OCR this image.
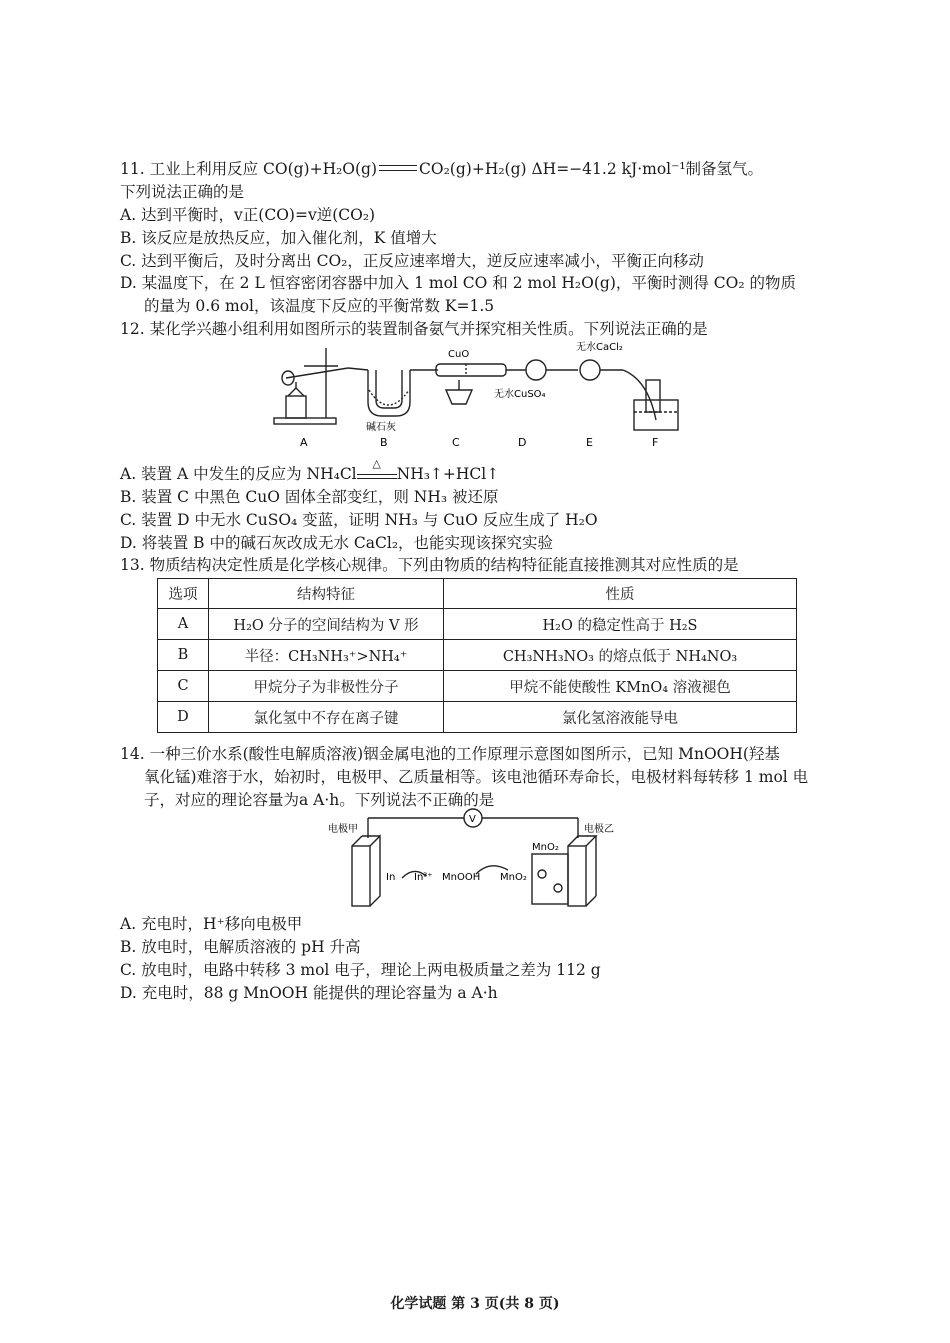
11. 工业上利用反应 CO(g)+H₂O(g)	CO₂(g)+H₂(g) ΔH=−41.2 kJ·mol⁻¹制备氢气。
下列说法正确的是
A. 达到平衡时，v正(CO)=v逆(CO₂)
B. 该反应是放热反应，加入催化剂，K 值增大
C. 达到平衡后，及时分离出 CO₂，正反应速率增大，逆反应速率减小，平衡正向移动
D. 某温度下，在 2 L 恒容密闭容器中加入 1 mol CO 和 2 mol H₂O(g)，平衡时测得 CO₂ 的物质
的量为 0.6 mol，该温度下反应的平衡常数 K=1.5
12. 某化学兴趣小组利用如图所示的装置制备氨气并探究相关性质。下列说法正确的是
CuO
无水CaCl₂
无水CuSO₄
碱石灰
A	B	C	D	E	F
A. 装置 A 中发生的反应为 NH₄Cl
△
NH₃↑+HCl↑
B. 装置 C 中黑色 CuO 固体全部变红，则 NH₃ 被还原
C. 装置 D 中无水 CuSO₄ 变蓝，证明 NH₃ 与 CuO 反应生成了 H₂O
D. 将装置 B 中的碱石灰改成无水 CaCl₂，也能实现该探究实验
13. 物质结构决定性质是化学核心规律。下列由物质的结构特征能直接推测其对应性质的是
选项	结构特征	性质
A	H₂O 分子的空间结构为 V 形	H₂O 的稳定性高于 H₂S
B	半径：CH₃NH₃⁺>NH₄⁺	CH₃NH₃NO₃ 的熔点低于 NH₄NO₃
C	甲烷分子为非极性分子	甲烷不能使酸性 KMnO₄ 溶液褪色
D	氯化氢中不存在离子键	氯化氢溶液能导电
14. 一种三价水系(酸性电解质溶液)铟金属电池的工作原理示意图如图所示，已知 MnOOH(羟基
氧化锰)难溶于水，始初时，电极甲、乙质量相等。该电池循环寿命长，电极材料每转移 1 mol 电
子，对应的理论容量为a A·h。下列说法不正确的是
电极甲	电极乙
V
In In³⁺ MnOOH MnO₂
MnO₂
A. 充电时，H⁺移向电极甲
B. 放电时，电解质溶液的 pH 升高
C. 放电时，电路中转移 3 mol 电子，理论上两电极质量之差为 112 g
D. 充电时，88 g MnOOH 能提供的理论容量为 a A·h
化学试题 第 3 页(共 8 页)
